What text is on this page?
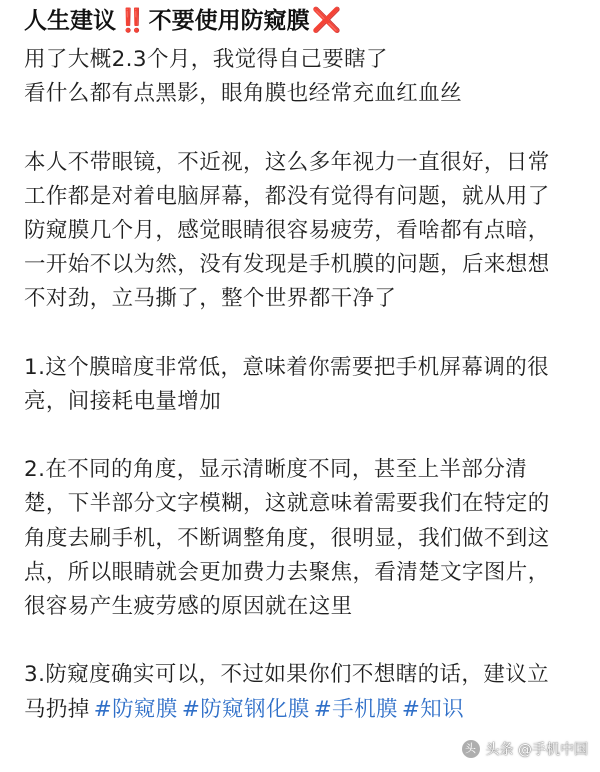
人生建议‼️ 不要使用防窥膜❌

用了大概2.3个月，我觉得自己要瞎了
看什么都有点黑影，眼角膜也经常充血红血丝

本人不带眼镜，不近视，这么多年视力一直很好，日常
工作都是对着电脑屏幕，都没有觉得有问题，就从用了
防窥膜几个月，感觉眼睛很容易疲劳，看啥都有点暗，
一开始不以为然，没有发现是手机膜的问题，后来想想
不对劲，立马撕了，整个世界都干净了

1.这个膜暗度非常低，意味着你需要把手机屏幕调的很
亮，间接耗电量增加

2.在不同的角度，显示清晰度不同，甚至上半部分清
楚，下半部分文字模糊，这就意味着需要我们在特定的
角度去刷手机，不断调整角度，很明显，我们做不到这
点，所以眼睛就会更加费力去聚焦，看清楚文字图片，
很容易产生疲劳感的原因就在这里

3.防窥度确实可以，不过如果你们不想瞎的话，建议立
马扔掉 #防窥膜 #防窥钢化膜 #手机膜 #知识

头 头条 @手机中国
